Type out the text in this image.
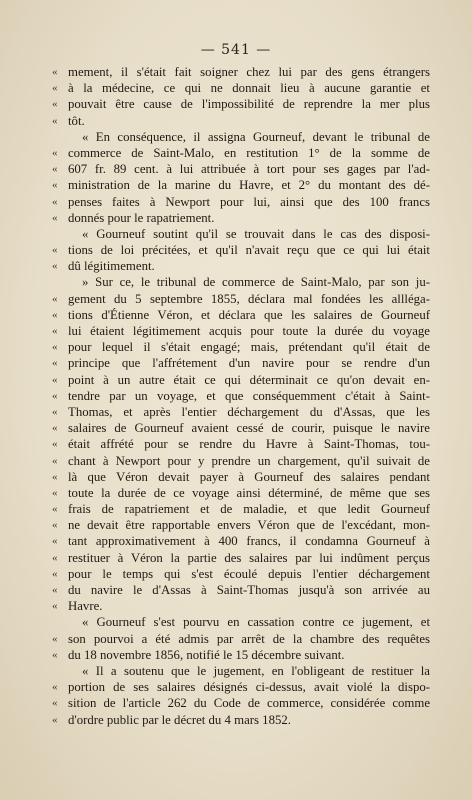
— 541 —
« mement, il s'était fait soigner chez lui par des gens étrangers
« à la médecine, ce qui ne donnait lieu à aucune garantie et
« pouvait être cause de l'impossibilité de reprendre la mer plus
« tôt.
« En conséquence, il assigna Gourneuf, devant le tribunal de
« commerce de Saint-Malo, en restitution 1° de la somme de
« 607 fr. 89 cent. à lui attribuée à tort pour ses gages par l'ad-
« ministration de la marine du Havre, et 2° du montant des dé-
« penses faites à Newport pour lui, ainsi que des 100 francs
« donnés pour le rapatriement.
« Gourneuf soutint qu'il se trouvait dans le cas des disposi-
« tions de loi précitées, et qu'il n'avait reçu que ce qui lui était
« dû légitimement.
» Sur ce, le tribunal de commerce de Saint-Malo, par son ju-
« gement du 5 septembre 1855, déclara mal fondées les allléga-
« tions d'Étienne Véron, et déclara que les salaires de Gourneuf
« lui étaient légitimement acquis pour toute la durée du voyage
« pour lequel il s'était engagé; mais, prétendant qu'il était de
« principe que l'affrétement d'un navire pour se rendre d'un
« point à un autre était ce qui déterminait ce qu'on devait en-
« tendre par un voyage, et que conséquemment c'était à Saint-
« Thomas, et après l'entier déchargement du d'Assas, que les
« salaires de Gourneuf avaient cessé de courir, puisque le navire
« était affrété pour se rendre du Havre à Saint-Thomas, tou-
« chant à Newport pour y prendre un chargement, qu'il suivait de
« là que Véron devait payer à Gourneuf des salaires pendant
« toute la durée de ce voyage ainsi déterminé, de même que ses
« frais de rapatriement et de maladie, et que ledit Gourneuf
« ne devait être rapportable envers Véron que de l'excédant, mon-
« tant approximativement à 400 francs, il condamna Gourneuf à
« restituer à Véron la partie des salaires par lui indûment perçus
« pour le temps qui s'est écoulé depuis l'entier déchargement
« du navire le d'Assas à Saint-Thomas jusqu'à son arrivée au
« Havre.
« Gourneuf s'est pourvu en cassation contre ce jugement, et
« son pourvoi a été admis par arrêt de la chambre des requêtes
« du 18 novembre 1856, notifié le 15 décembre suivant.
« Il a soutenu que le jugement, en l'obligeant de restituer la
« portion de ses salaires désignés ci-dessus, avait violé la dispo-
« sition de l'article 262 du Code de commerce, considérée comme
« d'ordre public par le décret du 4 mars 1852.
